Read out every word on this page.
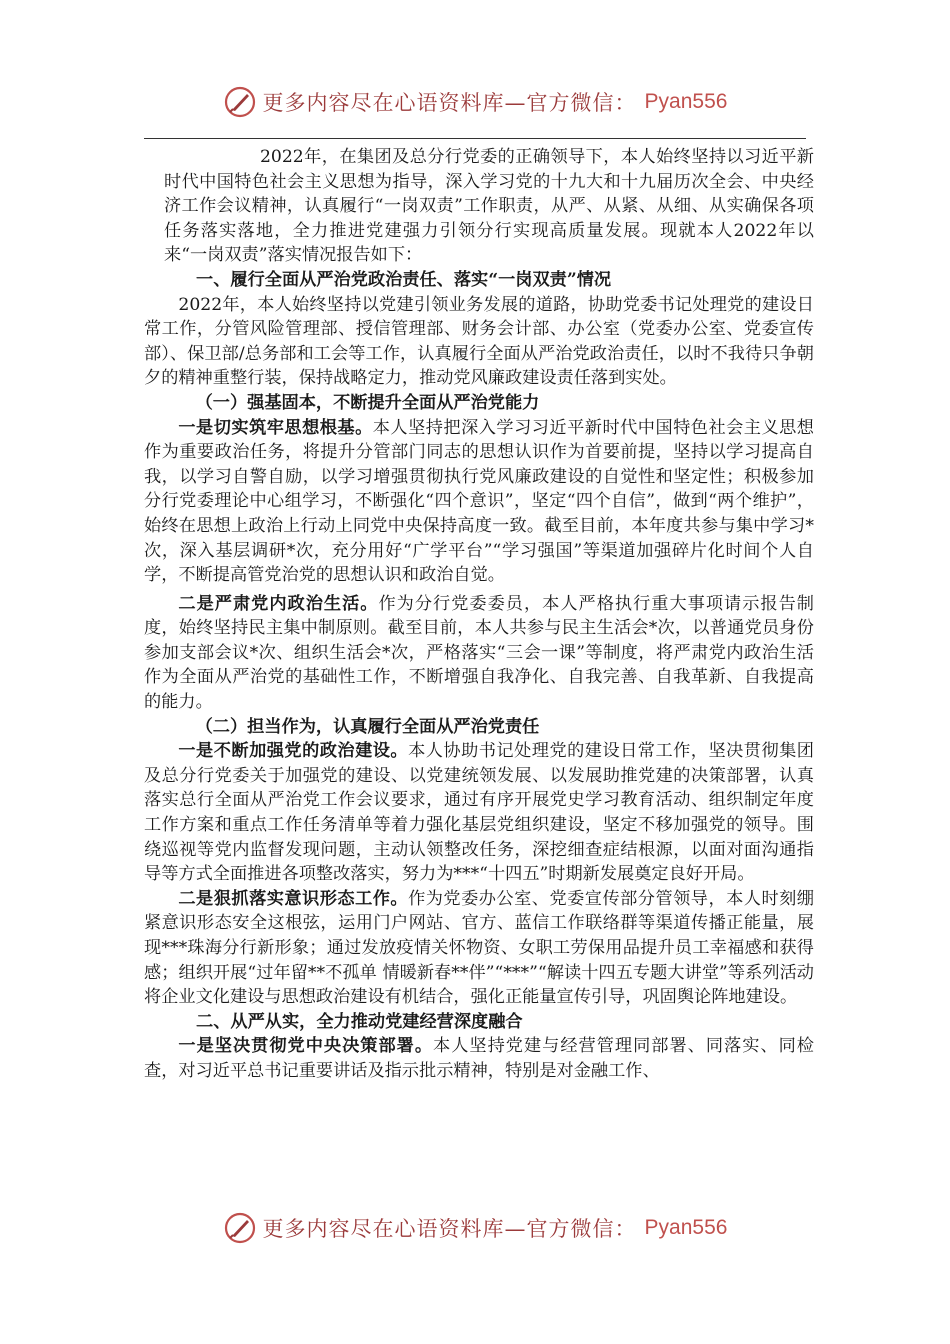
更多内容尽在心语资料库—官方微信： Pyan556

2022年，在集团及总分行党委的正确领导下，本人始终坚持以习近平新时代中国特色社会主义思想为指导，深入学习党的十九大和十九届历次全会、中央经济工作会议精神，认真履行“一岗双责”工作职责，从严、从紧、从细、从实确保各项任务落实落地，全力推进党建强力引领分行实现高质量发展。现就本人2022年以来“一岗双责”落实情况报告如下：

一、履行全面从严治党政治责任、落实“一岗双责”情况

2022年，本人始终坚持以党建引领业务发展的道路，协助党委书记处理党的建设日常工作，分管风险管理部、授信管理部、财务会计部、办公室（党委办公室、党委宣传部）、保卫部/总务部和工会等工作，认真履行全面从严治党政治责任，以时不我待只争朝夕的精神重整行装，保持战略定力，推动党风廉政建设责任落到实处。

（一）强基固本，不断提升全面从严治党能力

一是切实筑牢思想根基。本人坚持把深入学习习近平新时代中国特色社会主义思想作为重要政治任务，将提升分管部门同志的思想认识作为首要前提，坚持以学习提高自我，以学习自警自励，以学习增强贯彻执行党风廉政建设的自觉性和坚定性；积极参加分行党委理论中心组学习，不断强化“四个意识”，坚定“四个自信”，做到“两个维护”，始终在思想上政治上行动上同党中央保持高度一致。截至目前，本年度共参与集中学习*次，深入基层调研*次，充分用好“广学平台”“学习强国”等渠道加强碎片化时间个人自学，不断提高管党治党的思想认识和政治自觉。

二是严肃党内政治生活。作为分行党委委员，本人严格执行重大事项请示报告制度，始终坚持民主集中制原则。截至目前，本人共参与民主生活会*次，以普通党员身份参加支部会议*次、组织生活会*次，严格落实“三会一课”等制度，将严肃党内政治生活作为全面从严治党的基础性工作，不断增强自我净化、自我完善、自我革新、自我提高的能力。

（二）担当作为，认真履行全面从严治党责任

一是不断加强党的政治建设。本人协助书记处理党的建设日常工作，坚决贯彻集团及总分行党委关于加强党的建设、以党建统领发展、以发展助推党建的决策部署，认真落实总行全面从严治党工作会议要求，通过有序开展党史学习教育活动、组织制定年度工作方案和重点工作任务清单等着力强化基层党组织建设，坚定不移加强党的领导。围绕巡视等党内监督发现问题，主动认领整改任务，深挖细查症结根源，以面对面沟通指导等方式全面推进各项整改落实，努力为***“十四五”时期新发展奠定良好开局。

二是狠抓落实意识形态工作。作为党委办公室、党委宣传部分管领导，本人时刻绷紧意识形态安全这根弦，运用门户网站、官方、蓝信工作联络群等渠道传播正能量，展现***珠海分行新形象；通过发放疫情关怀物资、女职工劳保用品提升员工幸福感和获得感；组织开展“过年留**不孤单 情暖新春**伴”“***”“解读十四五专题大讲堂”等系列活动将企业文化建设与思想政治建设有机结合，强化正能量宣传引导，巩固舆论阵地建设。

二、从严从实，全力推动党建经营深度融合

一是坚决贯彻党中央决策部署。本人坚持党建与经营管理同部署、同落实、同检查，对习近平总书记重要讲话及指示批示精神，特别是对金融工作、

更多内容尽在心语资料库—官方微信： Pyan556
